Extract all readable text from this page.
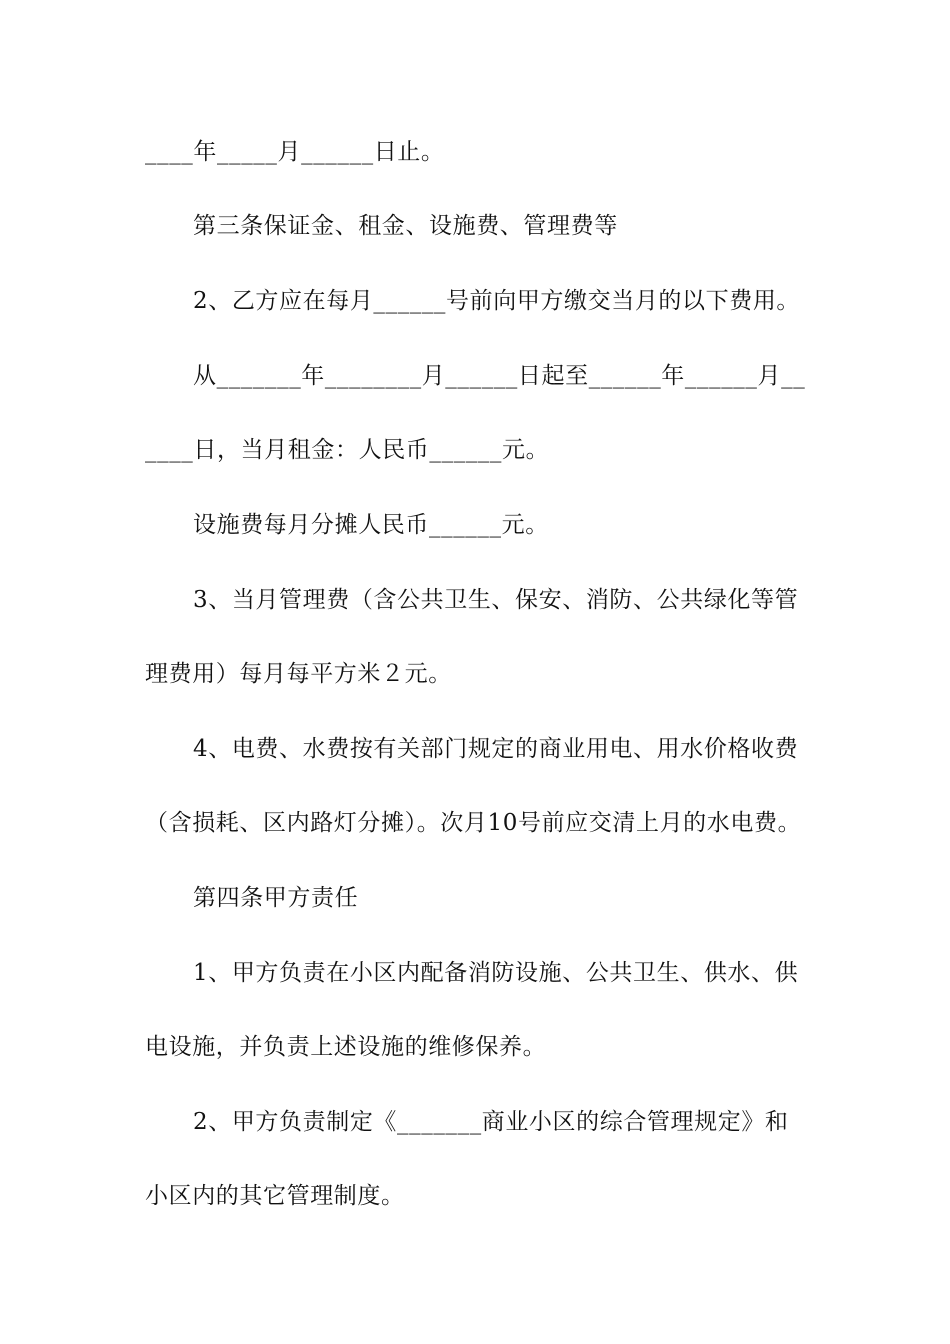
____年_____月______日止。
第三条保证金、租金、设施费、管理费等
2、乙方应在每月______号前向甲方缴交当月的以下费用。
从_______年________月______日起至______年______月__
____日，当月租金：人民币______元。
设施费每月分摊人民币______元。
3、当月管理费（含公共卫生、保安、消防、公共绿化等管
理费用）每月每平方米２元。
4、电费、水费按有关部门规定的商业用电、用水价格收费
（含损耗、区内路灯分摊）。次月10号前应交清上月的水电费。
第四条甲方责任
1、甲方负责在小区内配备消防设施、公共卫生、供水、供
电设施，并负责上述设施的维修保养。
2、甲方负责制定《_______商业小区的综合管理规定》和
小区内的其它管理制度。
